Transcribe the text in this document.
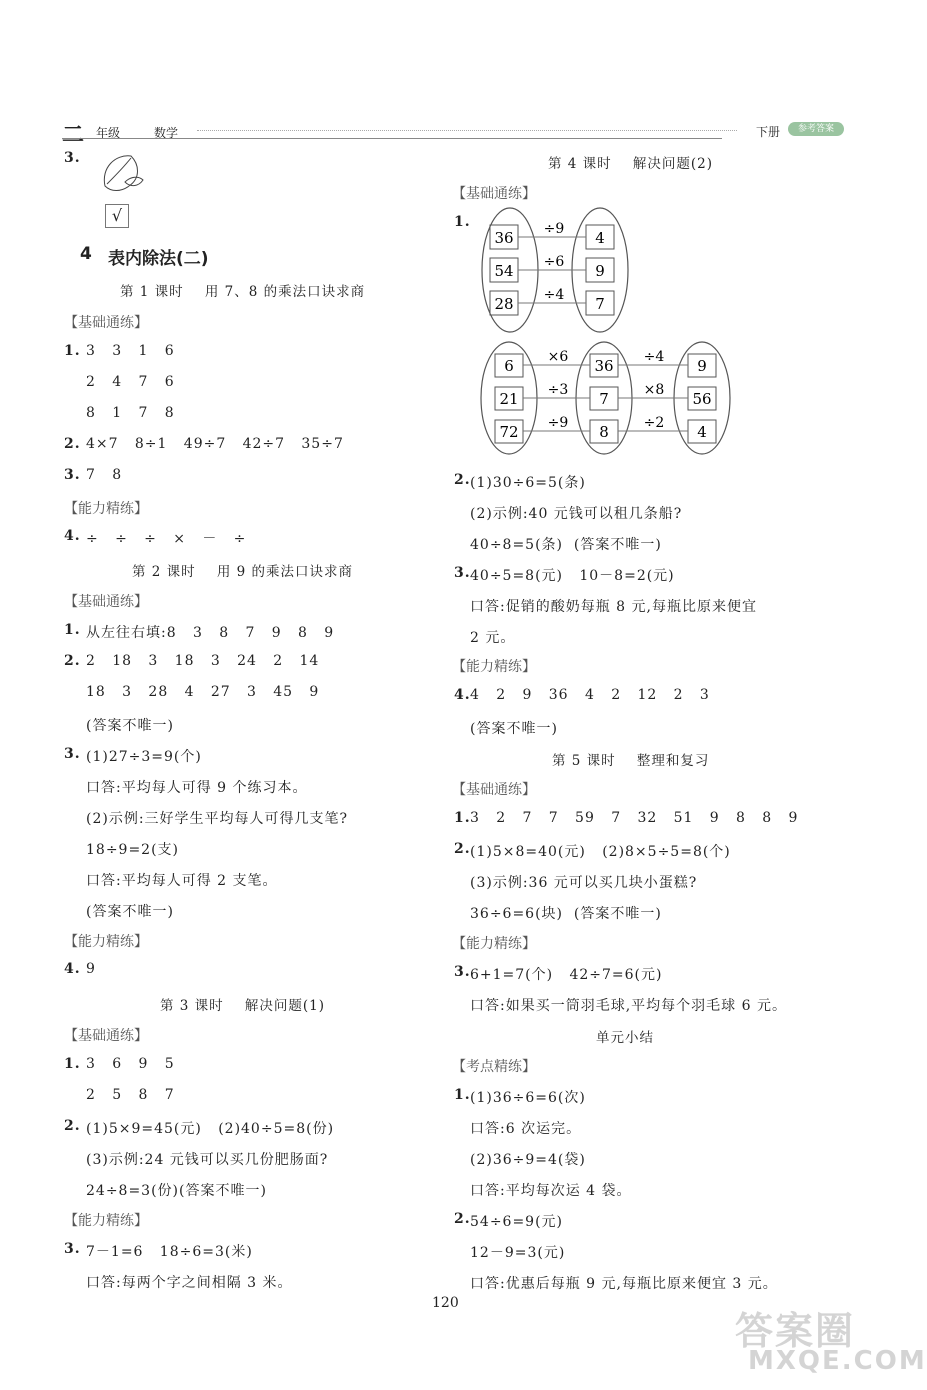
二 年级	数学	下册	参考答案
3.
√
4 表内除法(二)
第 1 课时    用 7、8 的乘法口诀求商
【基础通练】
1. 3   3   1   6
2   4   7   6
8   1   7   8
2. 4×7   8÷1   49÷7   42÷7   35÷7
3. 7   8
【能力精练】
4. ÷   ÷   ÷   ×   －   ÷
第 2 课时    用 9 的乘法口诀求商
【基础通练】
1. 从左往右填:8   3   8   7   9   8   9
2. 2   18   3   18   3   24   2   14
18   3   28   4   27   3   45   9
(答案不唯一)
3. (1)27÷3=9(个)
口答:平均每人可得 9 个练习本。
(2)示例:三好学生平均每人可得几支笔?
18÷9=2(支)
口答:平均每人可得 2 支笔。
(答案不唯一)
【能力精练】
4. 9
第 3 课时    解决问题(1)
【基础通练】
1. 3   6   9   5
2   5   8   7
2. (1)5×9=45(元)   (2)40÷5=8(份)
(3)示例:24 元钱可以买几份肥肠面?
24÷8=3(份)(答案不唯一)
【能力精练】
3. 7－1=6   18÷6=3(米)
口答:每两个字之间相隔 3 米。
第 4 课时    解决问题(2)
【基础通练】
1.
36
54
28
÷9
÷6
÷4
4
9
7
6
21
72
×6
÷3
÷9
36
7
8
÷4
×8
÷2
9
56
4
2. (1)30÷6=5(条)
(2)示例:40 元钱可以租几条船?
40÷8=5(条)  (答案不唯一)
3. 40÷5=8(元)   10－8=2(元)
口答:促销的酸奶每瓶 8 元,每瓶比原来便宜
2 元。
【能力精练】
4. 4   2   9   36   4   2   12   2   3
(答案不唯一)
第 5 课时    整理和复习
【基础通练】
1. 3   2   7   7   59   7   32   51   9   8   8   9
2. (1)5×8=40(元)   (2)8×5÷5=8(个)
(3)示例:36 元可以买几块小蛋糕?
36÷6=6(块)  (答案不唯一)
【能力精练】
3. 6+1=7(个)   42÷7=6(元)
口答:如果买一筒羽毛球,平均每个羽毛球 6 元。
单元小结
【考点精练】
1. (1)36÷6=6(次)
口答:6 次运完。
(2)36÷9=4(袋)
口答:平均每次运 4 袋。
2. 54÷6=9(元)
12－9=3(元)
口答:优惠后每瓶 9 元,每瓶比原来便宜 3 元。
120
答案圈
MXQE.COM
